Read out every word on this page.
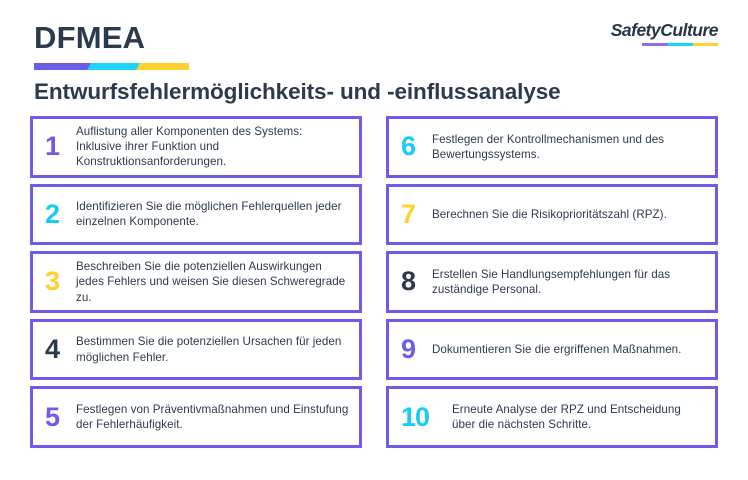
SafetyCulture
DFMEA
Entwurfsfehlermöglichkeits- und -einflussanalyse
1	Auflistung aller Komponenten des Systems: Inklusive ihrer Funktion und Konstruktionsanforderungen.
2	Identifizieren Sie die möglichen Fehlerquellen jeder einzelnen Komponente.
3	Beschreiben Sie die potenziellen Auswirkungen jedes Fehlers und weisen Sie diesen Schweregrade zu.
4	Bestimmen Sie die potenziellen Ursachen für jeden möglichen Fehler.
5	Festlegen von Präventivmaßnahmen und Einstufung der Fehlerhäufigkeit.
6	Festlegen der Kontrollmechanismen und des Bewertungssystems.
7	Berechnen Sie die Risikoprioritätszahl (RPZ).
8	Erstellen Sie Handlungsempfehlungen für das zuständige Personal.
9	Dokumentieren Sie die ergriffenen Maßnahmen.
10	Erneute Analyse der RPZ und Entscheidung über die nächsten Schritte.
